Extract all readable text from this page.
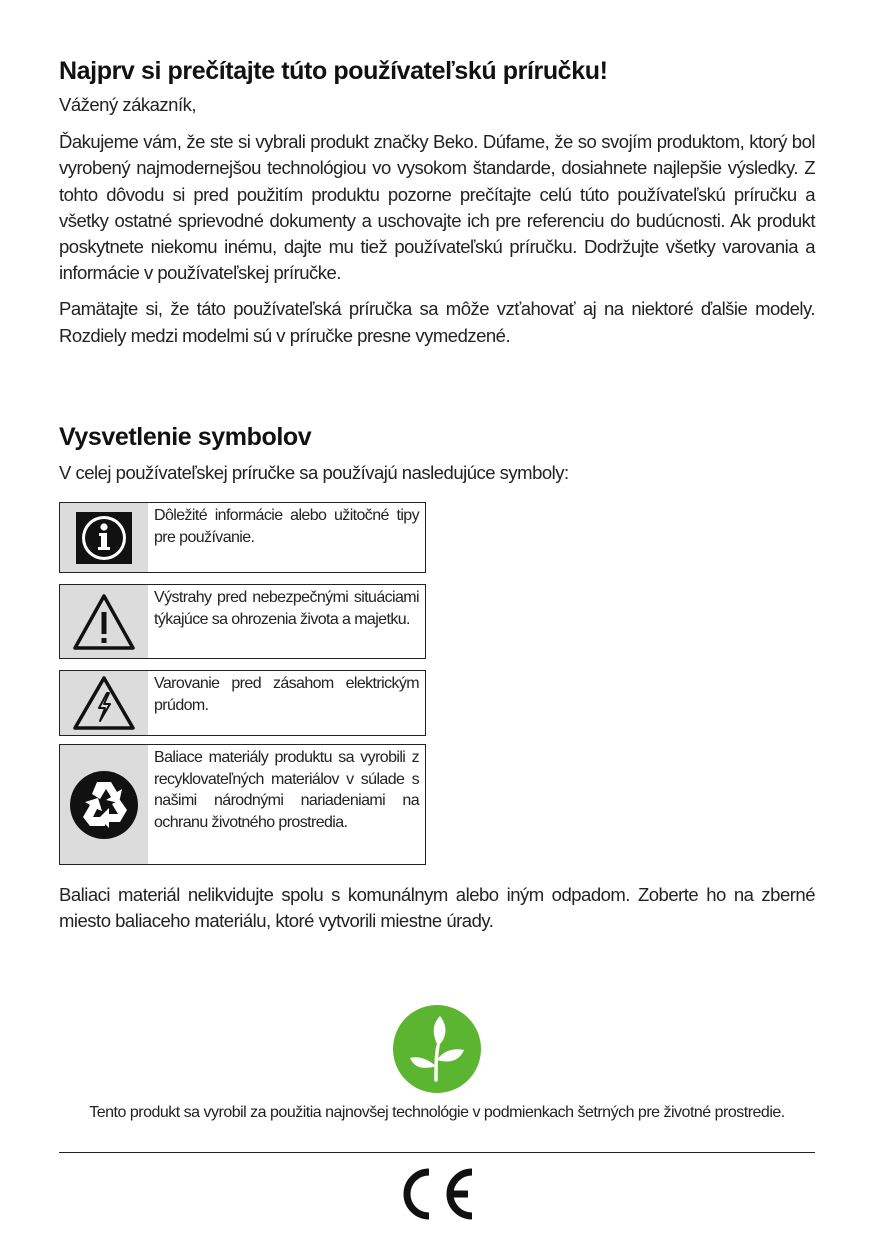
Najprv si prečítajte túto používateľskú príručku!

Vážený zákazník,

Ďakujeme vám, že ste si vybrali produkt značky Beko. Dúfame, že so svojím produktom, ktorý bol vyrobený najmodernejšou technológiou vo vysokom štandarde, dosiahnete najlepšie výsledky. Z tohto dôvodu si pred použitím produktu pozorne prečítajte celú túto používateľskú príručku a všetky ostatné sprievodné dokumenty a uschovajte ich pre referenciu do budúcnosti. Ak produkt poskytnete niekomu inému, dajte mu tiež používateľskú príručku. Dodržujte všetky varovania a informácie v používateľskej príručke.

Pamätajte si, že táto používateľská príručka sa môže vzťahovať aj na niektoré ďalšie modely. Rozdiely medzi modelmi sú v príručke presne vymedzené.

Vysvetlenie symbolov

V celej používateľskej príručke sa používajú nasledujúce symboly:

Dôležité informácie alebo užitočné tipy pre používanie.
Výstrahy pred nebezpečnými situáciami týkajúce sa ohrozenia života a majetku.
Varovanie pred zásahom elektrickým prúdom.
Baliace materiály produktu sa vyrobili z recyklovateľných materiálov v súlade s našimi národnými nariadeniami na ochranu životného prostredia.

Baliaci materiál nelikvidujte spolu s komunálnym alebo iným odpadom. Zoberte ho na zberné miesto baliaceho materiálu, ktoré vytvorili miestne úrady.

Tento produkt sa vyrobil za použitia najnovšej technológie v podmienkach šetrných pre životné prostredie.
